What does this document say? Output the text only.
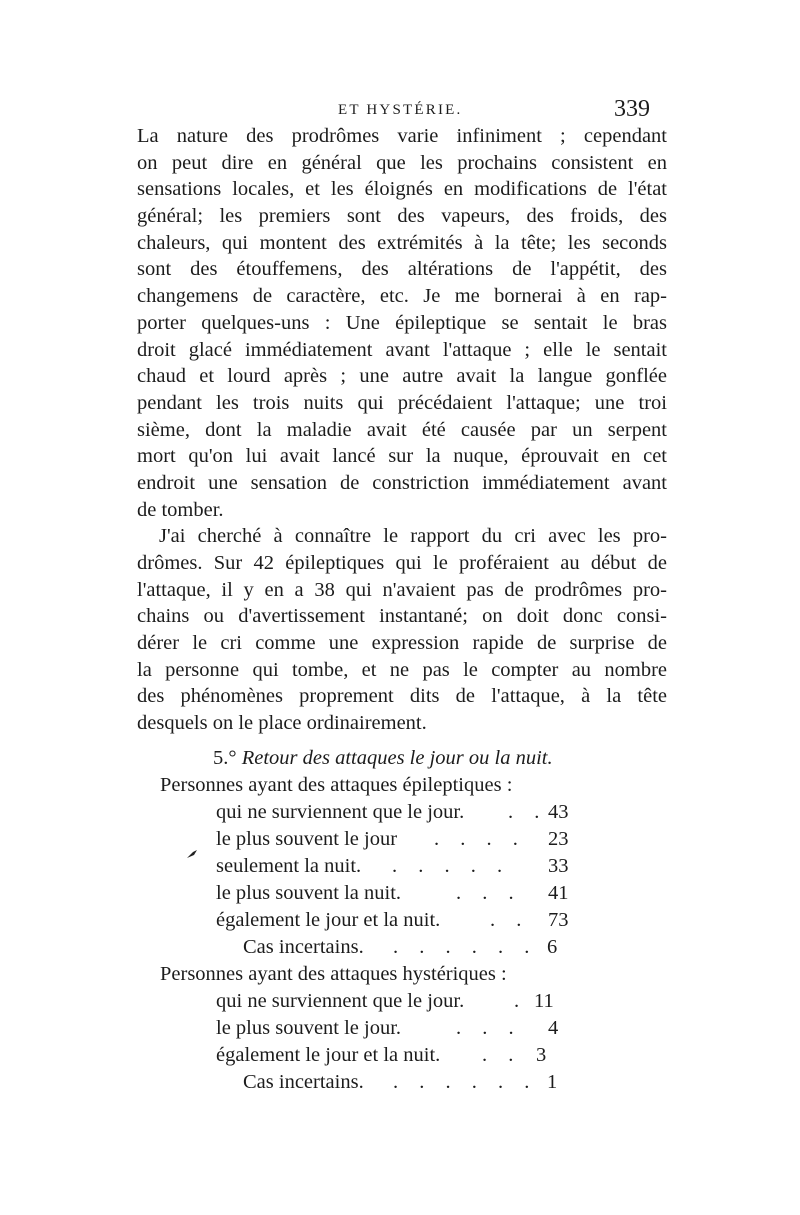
ET HYSTÉRIE.	339
La nature des prodrômes varie infiniment ; cependant
on peut dire en général que les prochains consistent en
sensations locales, et les éloignés en modifications de l'état
général; les premiers sont des vapeurs, des froids, des
chaleurs, qui montent des extrémités à la tête; les seconds
sont des étouffemens, des altérations de l'appétit, des
changemens de caractère, etc. Je me bornerai à en rap-
porter quelques-uns : Une épileptique se sentait le bras
droit glacé immédiatement avant l'attaque ; elle le sentait
chaud et lourd après ; une autre avait la langue gonflée
pendant les trois nuits qui précédaient l'attaque; une troi
sième, dont la maladie avait été causée par un serpent
mort qu'on lui avait lancé sur la nuque, éprouvait en cet
endroit une sensation de constriction immédiatement avant
de tomber.
J'ai cherché à connaître le rapport du cri avec les pro-
drômes. Sur 42 épileptiques qui le proféraient au début de
l'attaque, il y en a 38 qui n'avaient pas de prodrômes pro-
chains ou d'avertissement instantané; on doit donc consi-
dérer le cri comme une expression rapide de surprise de
la personne qui tombe, et ne pas le compter au nombre
des phénomènes proprement dits de l'attaque, à la tête
desquels on le place ordinairement.
5.° Retour des attaques le jour ou la nuit.
Personnes ayant des attaques épileptiques :
qui ne surviennent que le jour. . . 43
le plus souvent le jour . . . . 23
seulement la nuit. . . . . . 33
le plus souvent la nuit.	. . . 41
également le jour et la nuit. . . 73
Cas incertains. . . . . . . 6
Personnes ayant des attaques hystériques :
qui ne surviennent que le jour. . 11
le plus souvent le jour.	. . . 4
également le jour et la nuit. . . 3
Cas incertains. . . . . . . 1
